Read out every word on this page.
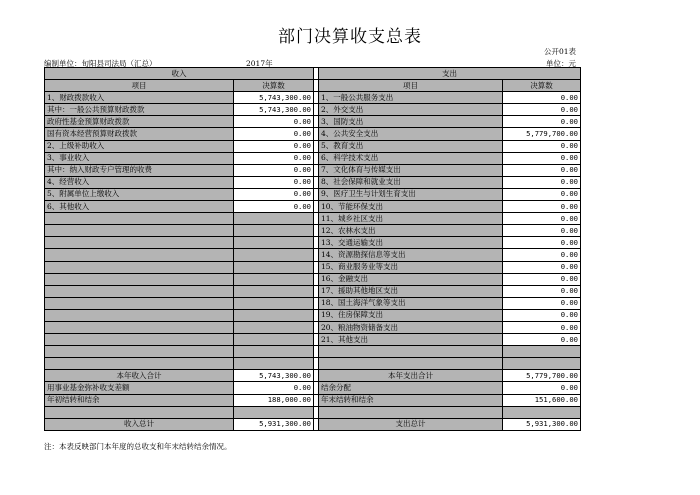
部门决算收支总表
公开01表
编制单位：旬阳县司法局（汇总）	2017年	单位：元
收入			支出	
项目	决算数		项目	决算数
1、财政拨款收入	5,743,300.00		1、一般公共服务支出	0.00
其中：一般公共预算财政拨款	5,743,300.00		2、外交支出	0.00
政府性基金预算财政拨款	0.00		3、国防支出	0.00
国有资本经营预算财政拨款	0.00		4、公共安全支出	5,779,700.00
2、上级补助收入	0.00		5、教育支出	0.00
3、事业收入	0.00		6、科学技术支出	0.00
其中：纳入财政专户管理的收费	0.00		7、文化体育与传媒支出	0.00
4、经营收入	0.00		8、社会保障和就业支出	0.00
5、附属单位上缴收入	0.00		9、医疗卫生与计划生育支出	0.00
6、其他收入	0.00		10、节能环保支出	0.00
			11、城乡社区支出	0.00
			12、农林水支出	0.00
			13、交通运输支出	0.00
			14、资源勘探信息等支出	0.00
			15、商业服务业等支出	0.00
			16、金融支出	0.00
			17、援助其他地区支出	0.00
			18、国土海洋气象等支出	0.00
			19、住房保障支出	0.00
			20、粮油物资储备支出	0.00
			21、其他支出	0.00

本年收入合计	5,743,300.00		本年支出合计	5,779,700.00
用事业基金弥补收支差额	0.00		结余分配	0.00
年初结转和结余	188,000.00		年末结转和结余	151,600.00

收入总计	5,931,300.00		支出总计	5,931,300.00
注：本表反映部门本年度的总收支和年末结转结余情况。
